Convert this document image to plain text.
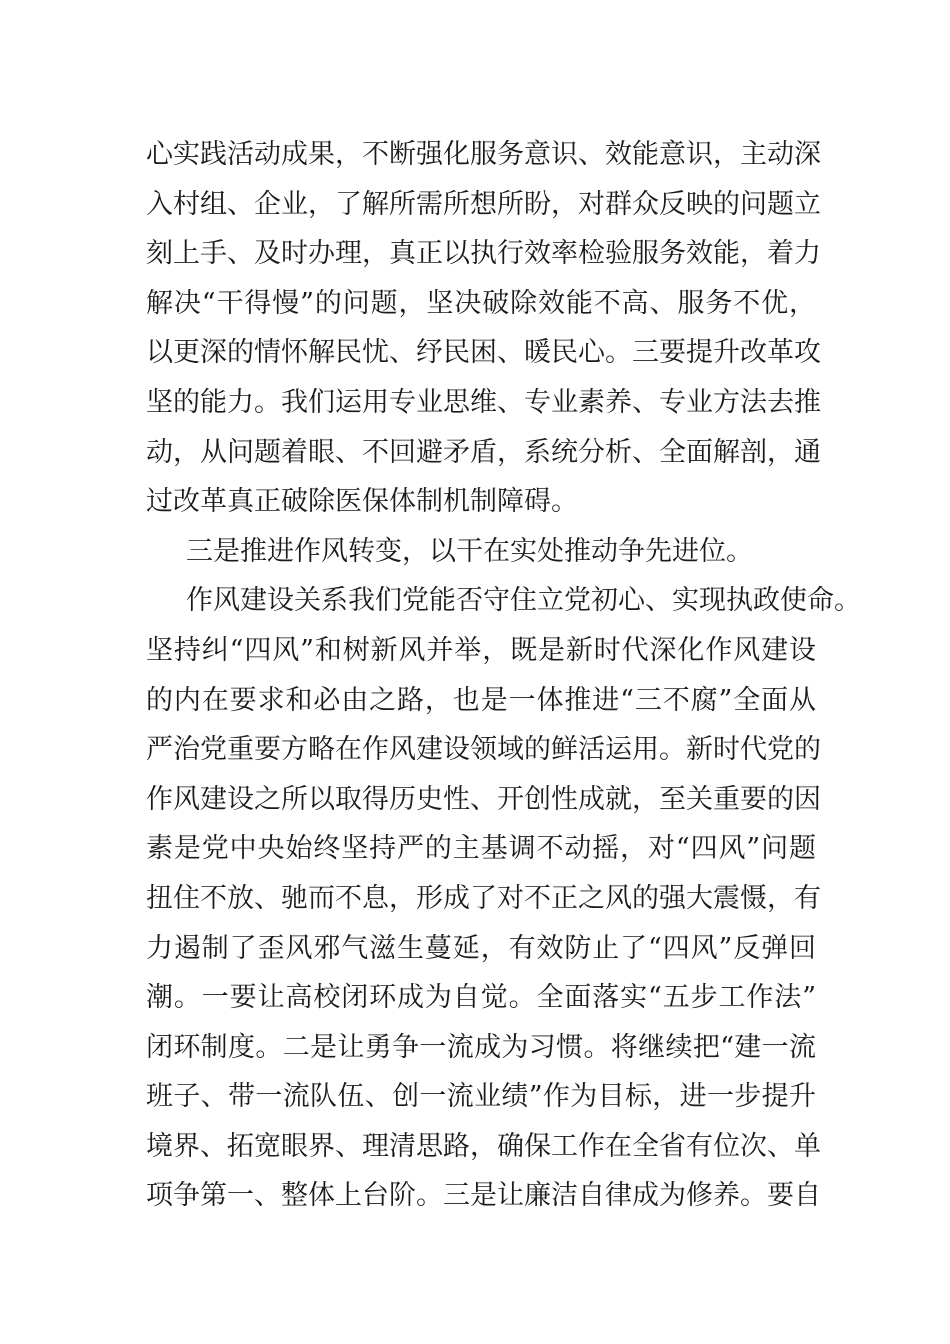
心实践活动成果，不断强化服务意识、效能意识，主动深
入村组、企业，了解所需所想所盼，对群众反映的问题立
刻上手、及时办理，真正以执行效率检验服务效能，着力
解决“干得慢”的问题，坚决破除效能不高、服务不优，
以更深的情怀解民忧、纾民困、暖民心。三要提升改革攻
坚的能力。我们运用专业思维、专业素养、专业方法去推
动，从问题着眼、不回避矛盾，系统分析、全面解剖，通
过改革真正破除医保体制机制障碍。
三是推进作风转变，以干在实处推动争先进位。
作风建设关系我们党能否守住立党初心、实现执政使命。
坚持纠“四风”和树新风并举，既是新时代深化作风建设
的内在要求和必由之路，也是一体推进“三不腐”全面从
严治党重要方略在作风建设领域的鲜活运用。新时代党的
作风建设之所以取得历史性、开创性成就，至关重要的因
素是党中央始终坚持严的主基调不动摇，对“四风”问题
扭住不放、驰而不息，形成了对不正之风的强大震慑，有
力遏制了歪风邪气滋生蔓延，有效防止了“四风”反弹回
潮。一要让高校闭环成为自觉。全面落实“五步工作法”
闭环制度。二是让勇争一流成为习惯。将继续把“建一流
班子、带一流队伍、创一流业绩”作为目标，进一步提升
境界、拓宽眼界、理清思路，确保工作在全省有位次、单
项争第一、整体上台阶。三是让廉洁自律成为修养。要自
